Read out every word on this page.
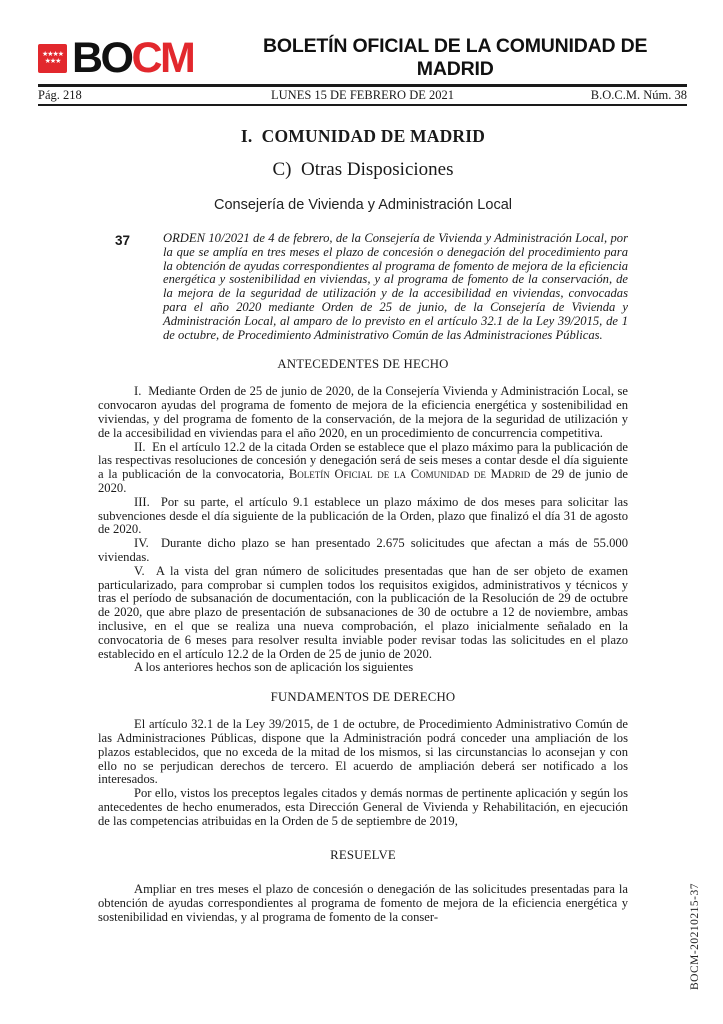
★★★★
★★★ BOCM	BOLETÍN OFICIAL DE LA COMUNIDAD DE MADRID
Pág. 218	LUNES 15 DE FEBRERO DE 2021	B.O.C.M. Núm. 38
I.  COMUNIDAD DE MADRID
C)  Otras Disposiciones
Consejería de Vivienda y Administración Local
37	ORDEN 10/2021 de 4 de febrero, de la Consejería de Vivienda y Administración Local, por la que se amplía en tres meses el plazo de concesión o denegación del procedimiento para la obtención de ayudas correspondientes al programa de fomento de mejora de la eficiencia energética y sostenibilidad en viviendas, y al programa de fomento de la conservación, de la mejora de la seguridad de utilización y de la accesibilidad en viviendas, convocadas para el año 2020 mediante Orden de 25 de junio, de la Consejería de Vivienda y Administración Local, al amparo de lo previsto en el artículo 32.1 de la Ley 39/2015, de 1 de octubre, de Procedimiento Administrativo Común de las Administraciones Públicas.

ANTECEDENTES DE HECHO

I.  Mediante Orden de 25 de junio de 2020, de la Consejería Vivienda y Administración Local, se convocaron ayudas del programa de fomento de mejora de la eficiencia energética y sostenibilidad en viviendas, y del programa de fomento de la conservación, de la mejora de la seguridad de utilización y de la accesibilidad en viviendas para el año 2020, en un procedimiento de concurrencia competitiva.

II.  En el artículo 12.2 de la citada Orden se establece que el plazo máximo para la publicación de las respectivas resoluciones de concesión y denegación será de seis meses a contar desde el día siguiente a la publicación de la convocatoria, Boletín Oficial de la Comunidad de Madrid de 29 de junio de 2020.

III.  Por su parte, el artículo 9.1 establece un plazo máximo de dos meses para solicitar las subvenciones desde el día siguiente de la publicación de la Orden, plazo que finalizó el día 31 de agosto de 2020.

IV.  Durante dicho plazo se han presentado 2.675 solicitudes que afectan a más de 55.000 viviendas.

V.  A la vista del gran número de solicitudes presentadas que han de ser objeto de examen particularizado, para comprobar si cumplen todos los requisitos exigidos, administrativos y técnicos y tras el período de subsanación de documentación, con la publicación de la Resolución de 29 de octubre de 2020, que abre plazo de presentación de subsanaciones de 30 de octubre a 12 de noviembre, ambas inclusive, en el que se realiza una nueva comprobación, el plazo inicialmente señalado en la convocatoria de 6 meses para resolver resulta inviable poder revisar todas las solicitudes en el plazo establecido en el artículo 12.2 de la Orden de 25 de junio de 2020.

A los anteriores hechos son de aplicación los siguientes

FUNDAMENTOS DE DERECHO

El artículo 32.1 de la Ley 39/2015, de 1 de octubre, de Procedimiento Administrativo Común de las Administraciones Públicas, dispone que la Administración podrá conceder una ampliación de los plazos establecidos, que no exceda de la mitad de los mismos, si las circunstancias lo aconsejan y con ello no se perjudican derechos de tercero. El acuerdo de ampliación deberá ser notificado a los interesados.

Por ello, vistos los preceptos legales citados y demás normas de pertinente aplicación y según los antecedentes de hecho enumerados, esta Dirección General de Vivienda y Rehabilitación, en ejecución de las competencias atribuidas en la Orden de 5 de septiembre de 2019,

RESUELVE

Ampliar en tres meses el plazo de concesión o denegación de las solicitudes presentadas para la obtención de ayudas correspondientes al programa de fomento de mejora de la eficiencia energética y sostenibilidad en viviendas, y al programa de fomento de la conser-	BOCM-20210215-37
